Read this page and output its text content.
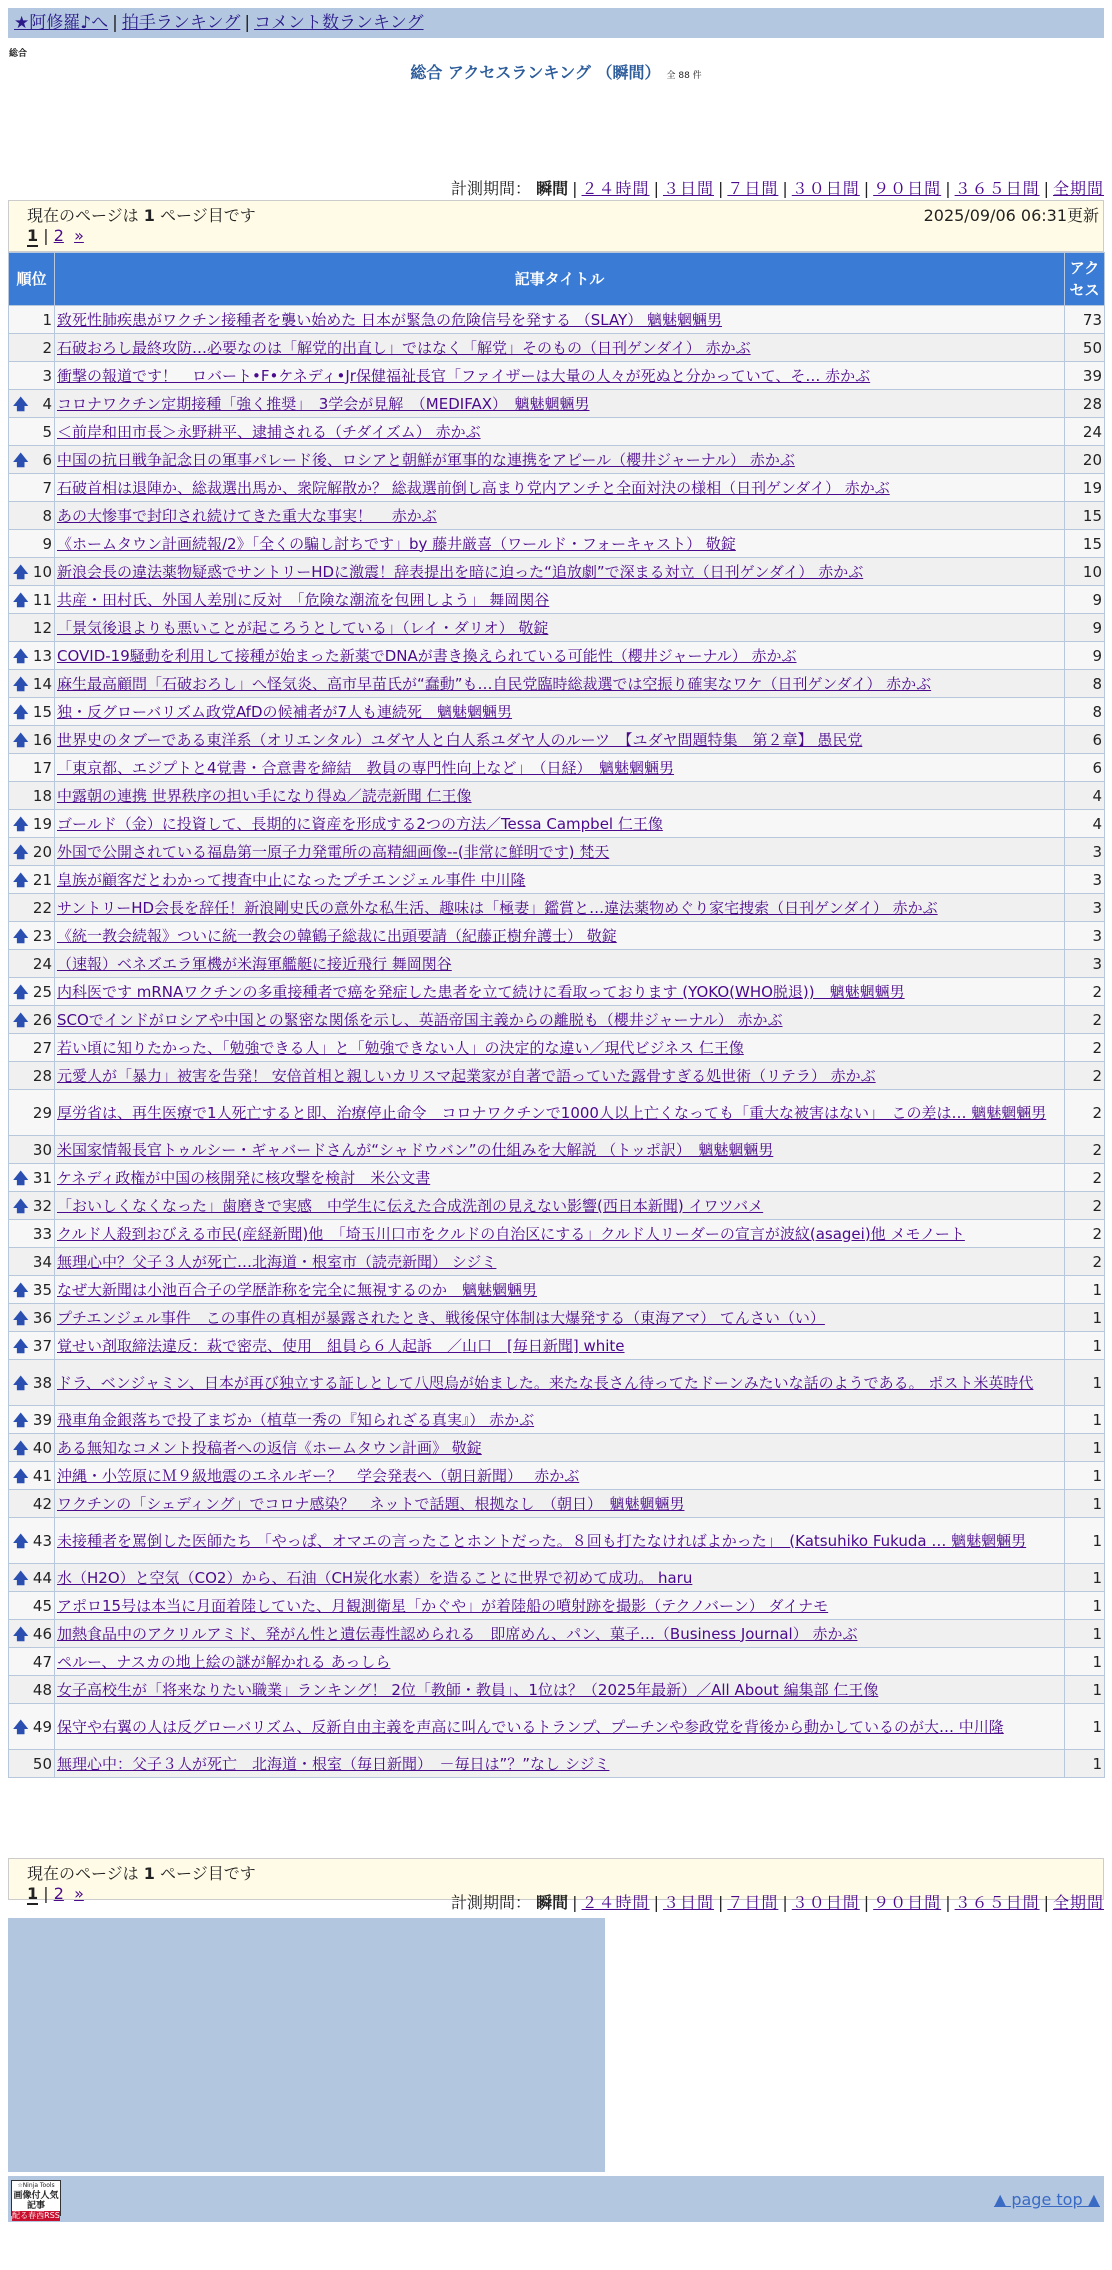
★阿修羅♪へ | 拍手ランキング | コメント数ランキング
総合
総合 アクセスランキング （瞬間） 全 88 件
計測期間： 瞬間 | ２４時間 | ３日間 | ７日間 | ３０日間 | ９０日間 | ３６５日間 | 全期間
現在のページは 1 ページ目です	2025/09/06 06:31更新
1 | 2 »
順位	記事タイトル	アクセス
1	致死性肺疾患がワクチン接種者を襲い始めた 日本が緊急の危険信号を発する （SLAY） 魑魅魍魎男	73
2	石破おろし最終攻防…必要なのは「解党的出直し」ではなく「解党」そのもの（日刊ゲンダイ） 赤かぶ	50
3	衝撃の報道です！　ロバート•F•ケネディ•Jr保健福祉長官「ファイザーは大量の人々が死ぬと分かっていて、そ… 赤かぶ	39

🡅 4	コロナワクチン定期接種「強く推奨」　3学会が見解　（MEDIFAX）　魑魅魍魎男	28
5	＜前岸和田市長＞永野耕平、逮捕される（チダイズム） 赤かぶ	24

🡅 6	中国の抗日戦争記念日の軍事パレード後、ロシアと朝鮮が軍事的な連携をアピール（櫻井ジャーナル） 赤かぶ	20
7	石破首相は退陣か、総裁選出馬か、衆院解散か？ 総裁選前倒し高まり党内アンチと全面対決の様相（日刊ゲンダイ） 赤かぶ	19
8	あの大惨事で封印され続けてきた重大な事実！　 赤かぶ	15
9	《ホームタウン計画続報/2》「全くの騙し討ちです」by 藤井厳喜（ワールド・フォーキャスト） 敬錠	15

🡅 10	新浪会長の違法薬物疑惑でサントリーHDに激震！辞表提出を暗に迫った“追放劇”で深まる対立（日刊ゲンダイ） 赤かぶ	10

🡅 11	共産・田村氏、外国人差別に反対　「危険な潮流を包囲しよう」 舞岡関谷	9
12	「景気後退よりも悪いことが起ころうとしている」（レイ・ダリオ） 敬錠	9

🡅 13	COVID-19騒動を利用して接種が始まった新薬でDNAが書き換えられている可能性（櫻井ジャーナル） 赤かぶ	9

🡅 14	麻生最高顧問「石破おろし」へ怪気炎、高市早苗氏が“蠢動”も…自民党臨時総裁選では空振り確実なワケ（日刊ゲンダイ） 赤かぶ	8

🡅 15	独・反グローバリズム政党AfDの候補者が7人も連続死　魑魅魍魎男	8

🡅 16	世界史のタブーである東洋系（オリエンタル）ユダヤ人と白人系ユダヤ人のルーツ　【ユダヤ問題特集　第２章】 愚民党	6
17	「東京都、エジプトと4覚書・合意書を締結　教員の専門性向上など」　（日経）　魑魅魍魎男	6
18	中露朝の連携 世界秩序の担い手になり得ぬ／読売新聞 仁王像	4

🡅 19	ゴールド（金）に投資して、長期的に資産を形成する2つの方法／Tessa Campbel 仁王像	4

🡅 20	外国で公開されている福島第一原子力発電所の高精細画像--(非常に鮮明です) 梵天	3

🡅 21	皇族が顧客だとわかって捜査中止になったプチエンジェル事件 中川隆	3
22	サントリーHD会長を辞任！新浪剛史氏の意外な私生活、趣味は「極妻」鑑賞と…違法薬物めぐり家宅捜索（日刊ゲンダイ） 赤かぶ	3

🡅 23	《統一教会続報》ついに統一教会の韓鶴子総裁に出頭要請（紀藤正樹弁護士） 敬錠	3
24	（速報）ベネズエラ軍機が米海軍艦艇に接近飛行 舞岡関谷	3

🡅 25	内科医です mRNAワクチンの多重接種者で癌を発症した患者を立て続けに看取っております (YOKO(WHO脱退))　魑魅魍魎男	2

🡅 26	SCOでインドがロシアや中国との緊密な関係を示し、英語帝国主義からの離脱も（櫻井ジャーナル） 赤かぶ	2
27	若い頃に知りたかった、「勉強できる人」と「勉強できない人」の決定的な違い／現代ビジネス 仁王像	2
28	元愛人が「暴力」被害を告発！ 安倍首相と親しいカリスマ起業家が自著で語っていた露骨すぎる処世術（リテラ） 赤かぶ	2
29	厚労省は、再生医療で1人死亡すると即、治療停止命令　コロナワクチンで1000人以上亡くなっても「重大な被害はない」　この差は… 魑魅魍魎男	2
30	米国家情報長官トゥルシー・ギャバードさんが“シャドウバン”の仕組みを大解説 （トッポ訳）　魑魅魍魎男	2

🡅 31	ケネディ政権が中国の核開発に核攻撃を検討　米公文書	2

🡅 32	「おいしくなくなった」歯磨きで実感　中学生に伝えた合成洗剤の見えない影響(西日本新聞) イワツバメ	2
33	クルド人殺到おびえる市民(産経新聞)他　「埼玉川口市をクルドの自治区にする」クルド人リーダーの宣言が波紋(asagei)他 メモノート	2
34	無理心中？父子３人が死亡…北海道・根室市（読売新聞） シジミ	2

🡅 35	なぜ大新聞は小池百合子の学歴詐称を完全に無視するのか　魑魅魍魎男	1

🡅 36	プチエンジェル事件　この事件の真相が暴露されたとき、戦後保守体制は大爆発する（東海アマ） てんさい（い）	1

🡅 37	覚せい剤取締法違反：萩で密売、使用　組員ら６人起訴　／山口　[毎日新聞] white	1

🡅 38	ドラ、ベンジャミン、日本が再び独立する証しとして八咫烏が始ました。来たな長さん待ってたドーンみたいな話のようである。 ポスト米英時代	1

🡅 39	飛車角金銀落ちで投了まぢか（植草一秀の『知られざる真実』） 赤かぶ	1

🡅 40	ある無知なコメント投稿者への返信《ホームタウン計画》 敬錠	1

🡅 41	沖縄・小笠原にＭ９級地震のエネルギー？　学会発表へ（朝日新聞）　 赤かぶ	1
42	ワクチンの「シェディング」でコロナ感染？　ネットで話題、根拠なし　（朝日）　魑魅魍魎男	1

🡅 43	未接種者を罵倒した医師たち 「やっぱ、オマエの言ったことホントだった。８回も打たなければよかった」　(Katsuhiko Fukuda … 魑魅魍魎男	1

🡅 44	水（H2O）と空気（CO2）から、石油（CH炭化水素）を造ることに世界で初めて成功。 haru	1
45	アポロ15号は本当に月面着陸していた、月観測衛星「かぐや」が着陸船の噴射跡を撮影（テクノバーン） ダイナモ	1

🡅 46	加熱食品中のアクリルアミド、発がん性と遺伝毒性認められる　即席めん、パン、菓子…（Business Journal） 赤かぶ	1
47	ペルー、ナスカの地上絵の謎が解かれる あっしら	1
48	女子高校生が「将来なりたい職業」ランキング！ 2位「教師・教員」、1位は？（2025年最新）／All About 編集部 仁王像	1

🡅 49	保守や右翼の人は反グローバリズム、反新自由主義を声高に叫んでいるトランプ、プーチンや参政党を背後から動かしているのが大… 中川隆	1
50	無理心中：父子３人が死亡　北海道・根室（毎日新聞）　－毎日は”？”なし シジミ	1
現在のページは 1 ページ目です
1 | 2 »	計測期間： 瞬間 | ２４時間 | ３日間 | ７日間 | ３０日間 | ９０日間 | ３６５日間 | 全期間
☆Ninja Tools
画像付人気記事
配る春西RSS
▲ page top ▲
